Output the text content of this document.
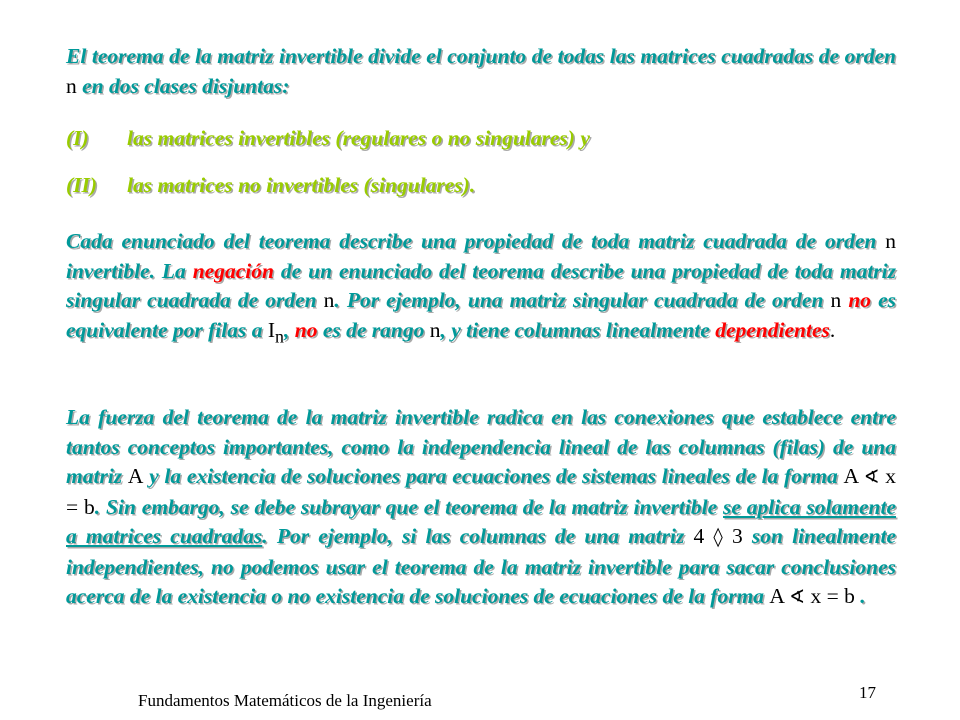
El teorema de la matriz invertible divide el conjunto de todas las matrices cuadradas de orden n en dos clases disjuntas:
(I) las matrices invertibles (regulares o no singulares) y
(II) las matrices no invertibles (singulares).
Cada enunciado del teorema describe una propiedad de toda matriz cuadrada de orden n invertible. La negación de un enunciado del teorema describe una propiedad de toda matriz singular cuadrada de orden n. Por ejemplo, una matriz singular cuadrada de orden n no es equivalente por filas a $I_n$, no es de rango n, y tiene columnas linealmente dependientes.
La fuerza del teorema de la matriz invertible radica en las conexiones que establece entre tantos conceptos importantes, como la independencia lineal de las columnas (filas) de una matriz A y la existencia de soluciones para ecuaciones de sistemas lineales de la forma A ∢ x = b. Sin embargo, se debe subrayar que el teorema de la matriz invertible se aplica solamente a matrices cuadradas. Por ejemplo, si las columnas de una matriz 4 ◊ 3 son linealmente independientes, no podemos usar el teorema de la matriz invertible para sacar conclusiones acerca de la existencia o no existencia de soluciones de ecuaciones de la forma A ∢ x = b .
Fundamentos Matemáticos de la Ingeniería	17
